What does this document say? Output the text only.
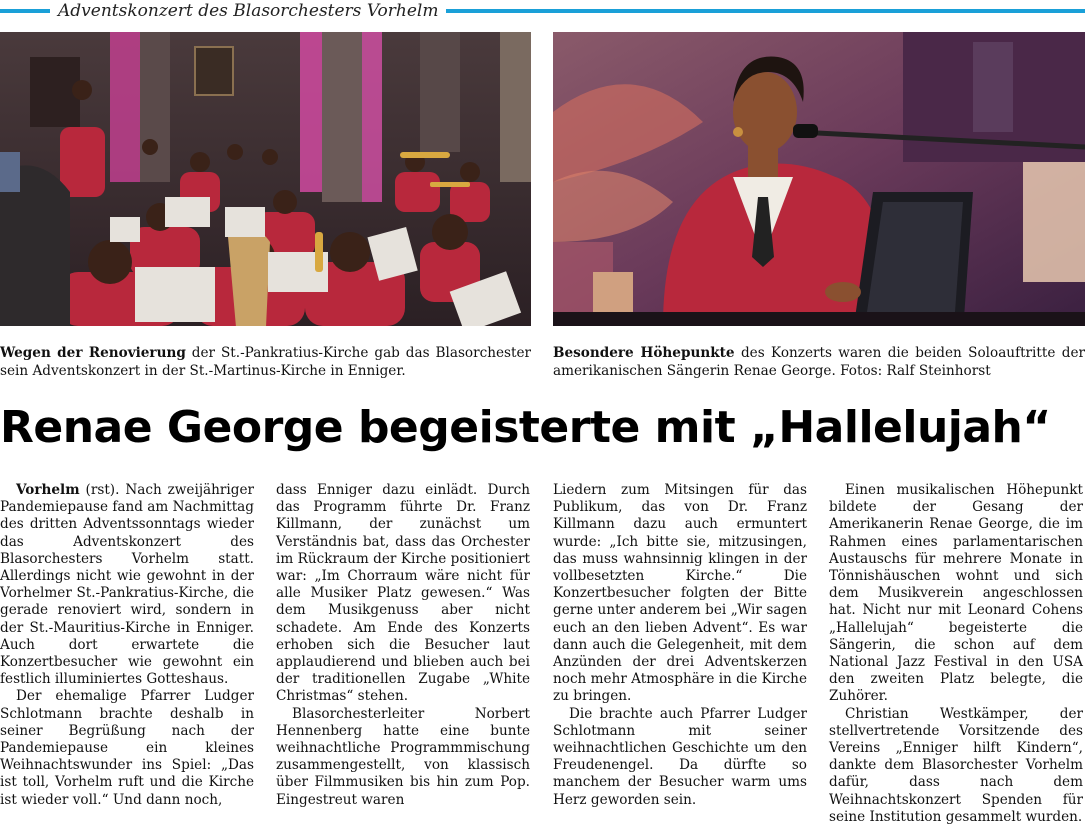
Adventskonzert des Blasorchesters Vorhelm
Wegen der Renovierung der St.-Pankratius-Kirche gab das Blasorchester sein Adventskonzert in der St.-Martinus-Kirche in Enniger.
Besondere Höhepunkte des Konzerts waren die beiden Soloauftritte der amerikanischen Sängerin Renae George. Fotos: Ralf Steinhorst
Renae George begeisterte mit „Hallelujah“

Vorhelm (rst). Nach zweijähriger Pandemiepause fand am Nachmittag des dritten Adventssonntags wieder das Adventskonzert des Blasorchesters Vorhelm statt. Allerdings nicht wie gewohnt in der Vorhelmer St.-Pankratius-Kirche, die gerade renoviert wird, sondern in der St.-Mauritius-Kirche in Enniger. Auch dort erwartete die Konzertbesucher wie gewohnt ein festlich illuminiertes Gotteshaus.

Der ehemalige Pfarrer Ludger Schlotmann brachte deshalb in seiner Begrüßung nach der Pandemiepause ein kleines Weihnachtswunder ins Spiel: „Das ist toll, Vorhelm ruft und die Kirche ist wieder voll.“ Und dann noch,

dass Enniger dazu einlädt. Durch das Programm führte Dr. Franz Killmann, der zunächst um Verständnis bat, dass das Orchester im Rückraum der Kirche positioniert war: „Im Chorraum wäre nicht für alle Musiker Platz gewesen.“ Was dem Musikgenuss aber nicht schadete. Am Ende des Konzerts erhoben sich die Besucher laut applaudierend und blieben auch bei der traditionellen Zugabe „White Christmas“ stehen.

Blasorchesterleiter Norbert Hennenberg hatte eine bunte weihnachtliche Programmmischung zusammengestellt, von klassisch über Filmmusiken bis hin zum Pop. Eingestreut waren

Liedern zum Mitsingen für das Publikum, das von Dr. Franz Killmann dazu auch ermuntert wurde: „Ich bitte sie, mitzusingen, das muss wahnsinnig klingen in der vollbesetzten Kirche.“ Die Konzertbesucher folgten der Bitte gerne unter anderem bei „Wir sagen euch an den lieben Advent“. Es war dann auch die Gelegenheit, mit dem Anzünden der drei Adventskerzen noch mehr Atmosphäre in die Kirche zu bringen.

Die brachte auch Pfarrer Ludger Schlotmann mit seiner weihnachtlichen Geschichte um den Freudenengel. Da dürfte so manchem der Besucher warm ums Herz geworden sein.

Einen musikalischen Höhepunkt bildete der Gesang der Amerikanerin Renae George, die im Rahmen eines parlamentarischen Austauschs für mehrere Monate in Tönnishäuschen wohnt und sich dem Musikverein angeschlossen hat. Nicht nur mit Leonard Cohens „Hallelujah“ begeisterte die Sängerin, die schon auf dem National Jazz Festival in den USA den zweiten Platz belegte, die Zuhörer.

Christian Westkämper, der stellvertretende Vorsitzende des Vereins „Enniger hilft Kindern“, dankte dem Blasorchester Vorhelm dafür, dass nach dem Weihnachtskonzert Spenden für seine Institution gesammelt wurden.
